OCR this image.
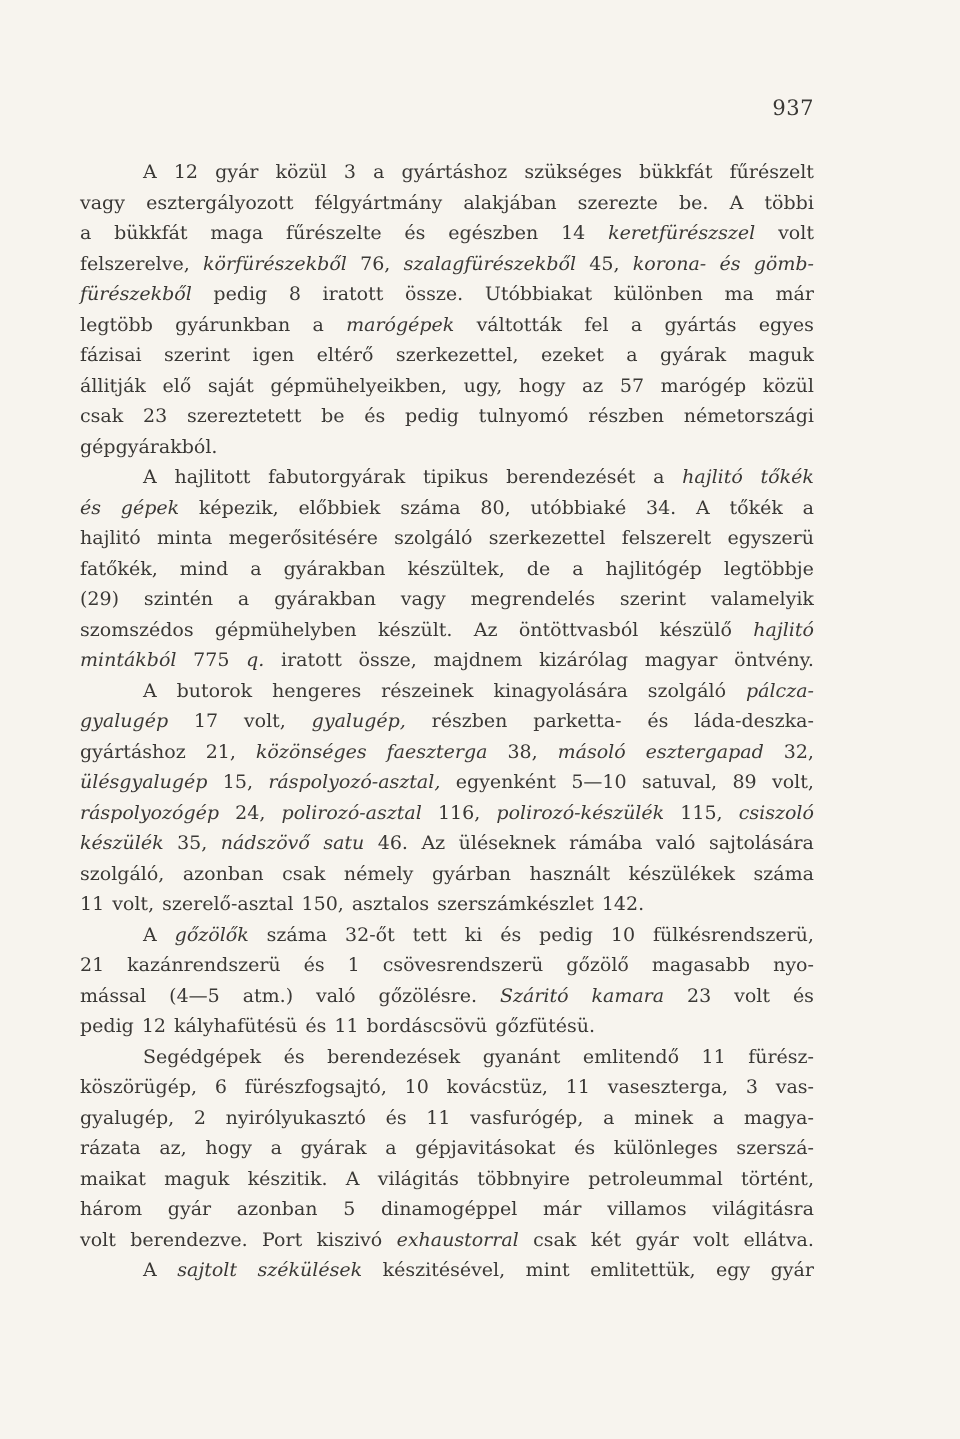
937
A 12 gyár közül 3 a gyártáshoz szükséges bükkfát fűrészelt
vagy esztergályozott félgyártmány alakjában szerezte be. A többi
a bükkfát maga fűrészelte és egészben 14 keretfürészszel volt
felszerelve, körfürészekből 76, szalagfürészekből 45, korona- és gömb-
fürészekből pedig 8 iratott össze. Utóbbiakat különben ma már
legtöbb gyárunkban a marógépek váltották fel a gyártás egyes
fázisai szerint igen eltérő szerkezettel, ezeket a gyárak maguk
állitják elő saját gépmühelyeikben, ugy, hogy az 57 marógép közül
csak 23 szereztetett be és pedig tulnyomó részben németországi
gépgyárakból.
A hajlitott fabutorgyárak tipikus berendezését a hajlitó tőkék
és gépek képezik, előbbiek száma 80, utóbbiaké 34. A tőkék a
hajlitó minta megerősitésére szolgáló szerkezettel felszerelt egyszerü
fatőkék, mind a gyárakban készültek, de a hajlitógép legtöbbje
(29) szintén a gyárakban vagy megrendelés szerint valamelyik
szomszédos gépmühelyben készült. Az öntöttvasból készülő hajlitó
mintákból 775 q. iratott össze, majdnem kizárólag magyar öntvény.
A butorok hengeres részeinek kinagyolására szolgáló pálcza-
gyalugép 17 volt, gyalugép, részben parketta- és láda-deszka-
gyártáshoz 21, közönséges faeszterga 38, másoló esztergapad 32,
ülésgyalugép 15, ráspolyozó-asztal, egyenként 5—10 satuval, 89 volt,
ráspolyozógép 24, polirozó-asztal 116, polirozó-készülék 115, csiszoló
készülék 35, nádszövő satu 46. Az üléseknek rámába való sajtolására
szolgáló, azonban csak némely gyárban használt készülékek száma
11 volt, szerelő-asztal 150, asztalos szerszámkészlet 142.
A gőzölők száma 32-őt tett ki és pedig 10 fülkésrendszerü,
21 kazánrendszerü és 1 csövesrendszerü gőzölő magasabb nyo-
mással (4—5 atm.) való gőzölésre. Száritó kamara 23 volt és
pedig 12 kályhafütésü és 11 bordáscsövü gőzfütésü.
Segédgépek és berendezések gyanánt emlitendő 11 fürész-
köszörügép, 6 fürészfogsajtó, 10 kovácstüz, 11 vaseszterga, 3 vas-
gyalugép, 2 nyirólyukasztó és 11 vasfurógép, a minek a magya-
rázata az, hogy a gyárak a gépjavitásokat és különleges szerszá-
maikat maguk készitik. A világitás többnyire petroleummal történt,
három gyár azonban 5 dinamogéppel már villamos világitásra
volt berendezve. Port kiszivó exhaustorral csak két gyár volt ellátva.
A sajtolt székülések készitésével, mint emlitettük, egy gyár
